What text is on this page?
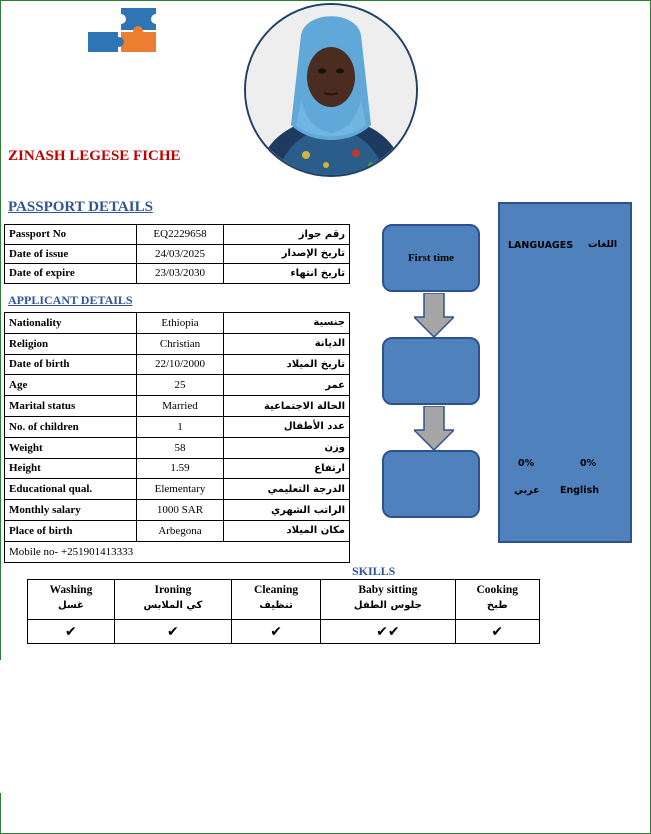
ZINASH LEGESE FICHE
PASSPORT DETAILS
Passport No	EQ2229658	رقم جواز
Date of issue	24/03/2025	تاريخ الإصدار
Date of expire	23/03/2030	تاريخ انتهاء
APPLICANT DETAILS
Nationality	Ethiopia	جنسية
Religion	Christian	الديانة
Date of birth	22/10/2000	تاريخ الميلاد
Age	25	عمر
Marital status	Married	الحالة الاجتماعية
No. of children	1	عدد الأطفال
Weight	58	وزن
Height	1.59	ارتفاع
Educational qual.	Elementary	الدرجة التعليمي
Monthly salary	1000 SAR	الراتب الشهري
Place of birth	Arbegona	مكان الميلاد
Mobile no- +251901413333		
First time
LANGUAGES اللغات
0%	0%
عربي English
SKILLS
Washing	Ironing	Cleaning	Baby sitting	Cooking
غسل	كي الملابس	تنظيف	جلوس الطفل	طبخ
✔	✔	✔	✔✔	✔
